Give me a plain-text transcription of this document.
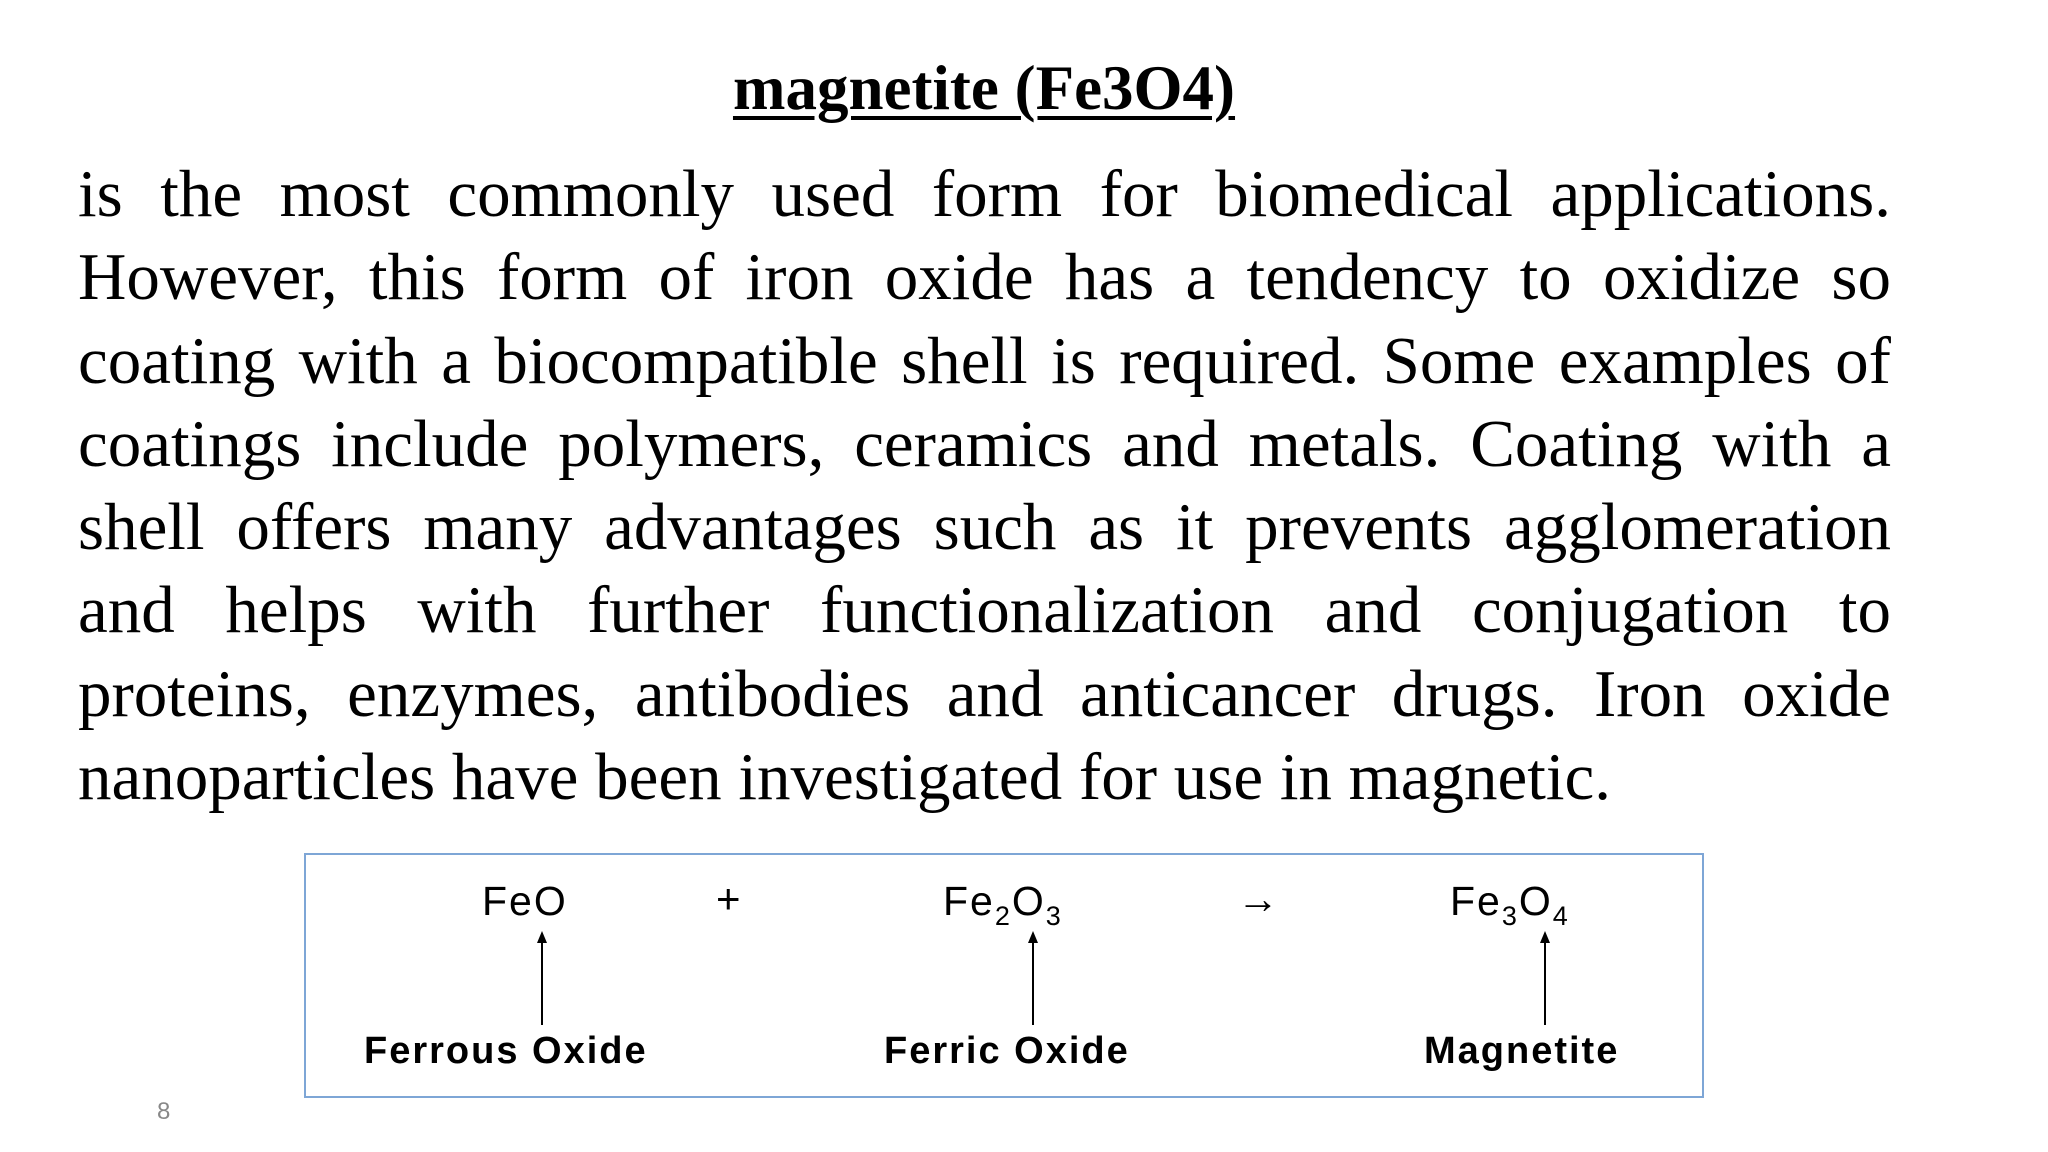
magnetite (Fe3O4)

is the most commonly used form for biomedical applications.
However, this form of iron oxide has a tendency to oxidize so
coating with a biocompatible shell is required. Some examples of
coatings include polymers, ceramics and metals. Coating with a
shell offers many advantages such as it prevents agglomeration
and helps with further functionalization and conjugation to
proteins, enzymes, antibodies and anticancer drugs. Iron oxide
nanoparticles have been investigated for use in magnetic.

FeO	+	$Fe_2O_3$	→	$Fe_3O_4$
Ferrous Oxide	Ferric Oxide	Magnetite
8
